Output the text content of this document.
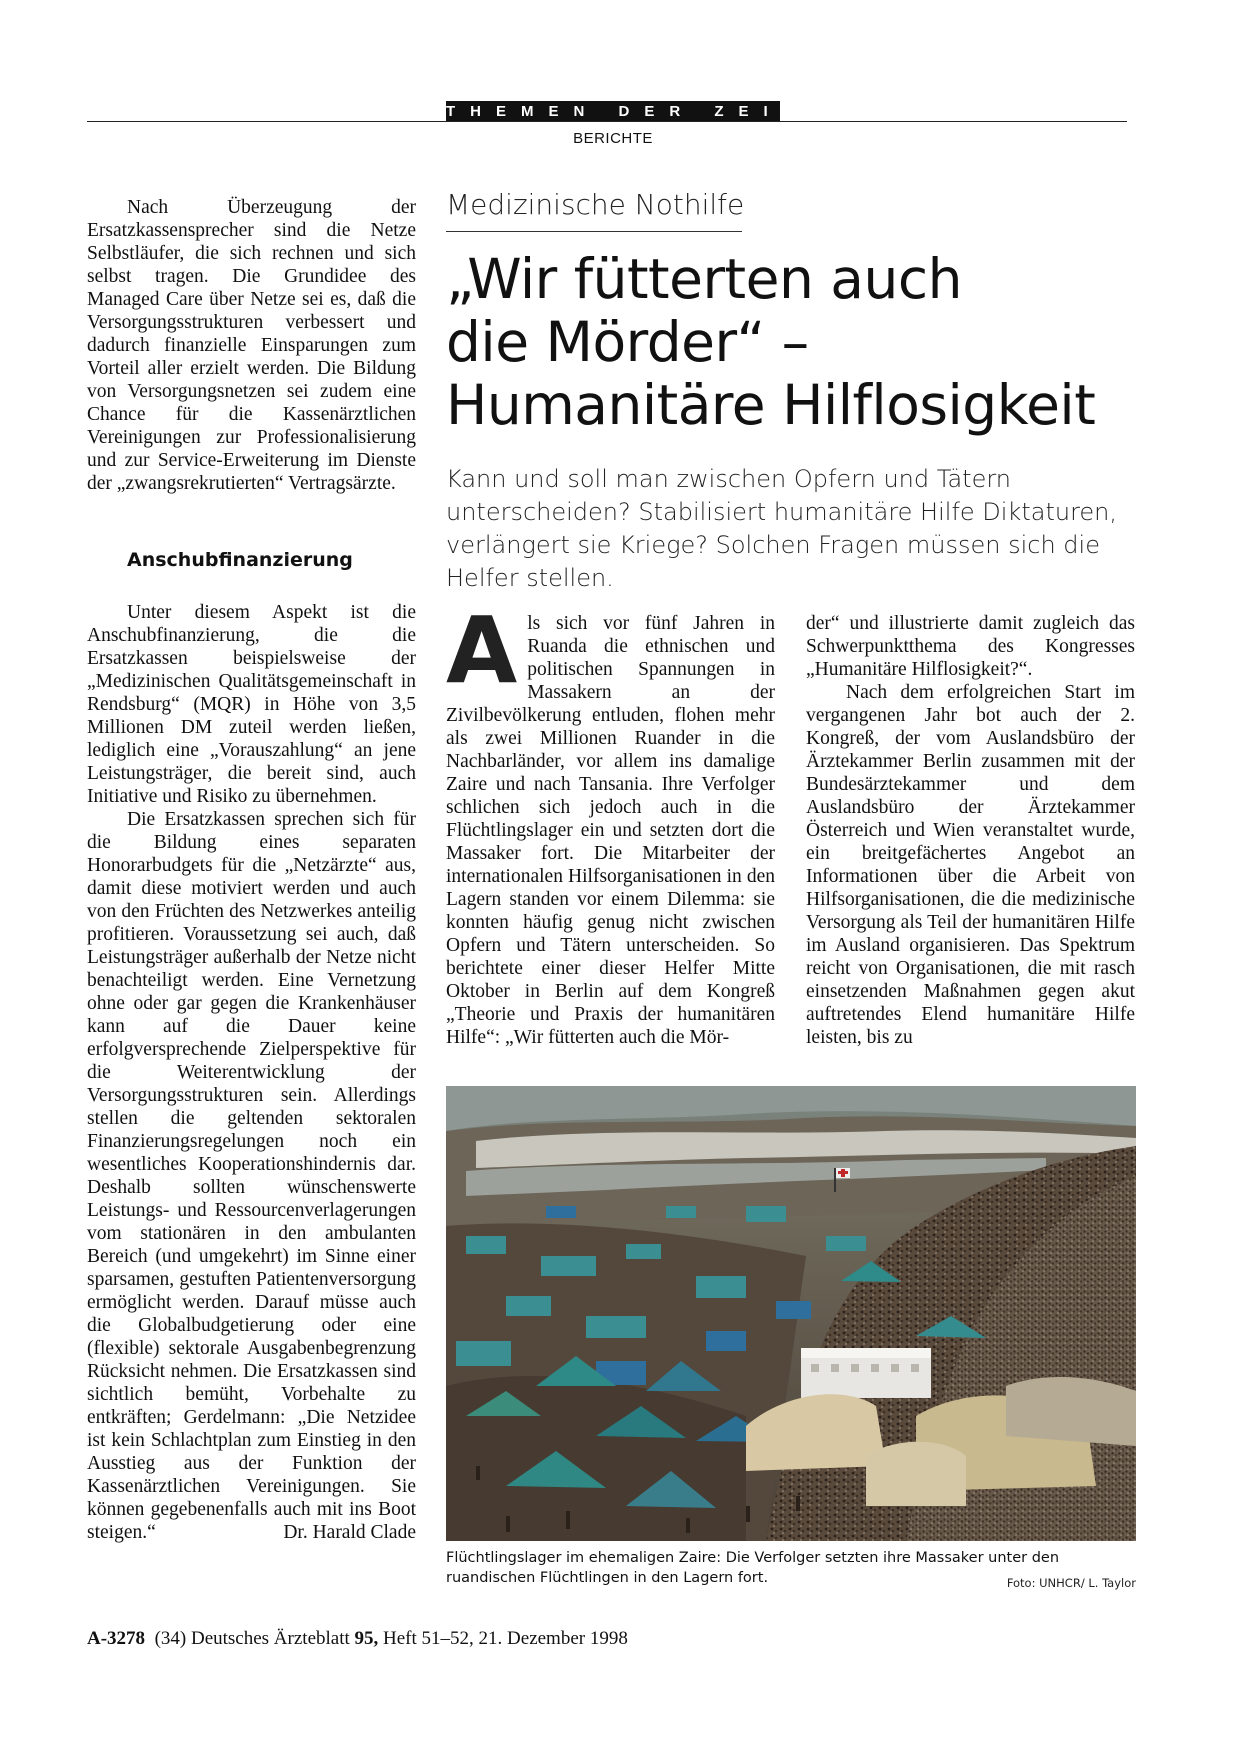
THEMEN DER ZEIT
BERICHTE

Nach Überzeugung der Ersatzkassensprecher sind die Netze Selbstläufer, die sich rechnen und sich selbst tragen. Die Grundidee des Managed Care über Netze sei es, daß die Versorgungsstrukturen verbessert und dadurch finanzielle Einsparungen zum Vorteil aller erzielt werden. Die Bildung von Versorgungsnetzen sei zudem eine Chance für die Kassenärztlichen Vereinigungen zur Professionalisierung und zur Service-Erweiterung im Dienste der „zwangsrekrutierten“ Vertragsärzte.

Anschubfinanzierung

Unter diesem Aspekt ist die Anschubfinanzierung, die die Ersatzkassen beispielsweise der „Medizinischen Qualitätsgemeinschaft in Rendsburg“ (MQR) in Höhe von 3,5 Millionen DM zuteil werden ließen, lediglich eine „Vorauszahlung“ an jene Leistungsträger, die bereit sind, auch Initiative und Risiko zu übernehmen.

Die Ersatzkassen sprechen sich für die Bildung eines separaten Honorarbudgets für die „Netzärzte“ aus, damit diese motiviert werden und auch von den Früchten des Netzwerkes anteilig profitieren. Voraussetzung sei auch, daß Leistungsträger außerhalb der Netze nicht benachteiligt werden. Eine Vernetzung ohne oder gar gegen die Krankenhäuser kann auf die Dauer keine erfolgversprechende Zielperspektive für die Weiterentwicklung der Versorgungsstrukturen sein. Allerdings stellen die geltenden sektoralen Finanzierungsregelungen noch ein wesentliches Kooperationshindernis dar. Deshalb sollten wünschenswerte Leistungs- und Ressourcenverlagerungen vom stationären in den ambulanten Bereich (und umgekehrt) im Sinne einer sparsamen, gestuften Patientenversorgung ermöglicht werden. Darauf müsse auch die Globalbudgetierung oder eine (flexible) sektorale Ausgabenbegrenzung Rücksicht nehmen. Die Ersatzkassen sind sichtlich bemüht, Vorbehalte zu entkräften; Gerdelmann: „Die Netzidee ist kein Schlachtplan zum Einstieg in den Ausstieg aus der Funktion der Kassenärztlichen Vereinigungen. Sie können gegebenenfalls auch mit ins Boot steigen.“	Dr. Harald Clade

Medizinische Nothilfe
„Wir fütterten auch
die Mörder“ –
Humanitäre Hilflosigkeit
Kann und soll man zwischen Opfern und Tätern unterscheiden? Stabilisiert humanitäre Hilfe Diktaturen, verlängert sie Kriege? Solchen Fragen müssen sich die Helfer stellen.

Als sich vor fünf Jahren in Ruanda die ethnischen und politischen Spannungen in Massakern an der Zivilbevölkerung entluden, flohen mehr als zwei Millionen Ruander in die Nachbarländer, vor allem ins damalige Zaire und nach Tansania. Ihre Verfolger schlichen sich jedoch auch in die Flüchtlingslager ein und setzten dort die Massaker fort. Die Mitarbeiter der internationalen Hilfsorganisationen in den Lagern standen vor einem Dilemma: sie konnten häufig genug nicht zwischen Opfern und Tätern unterscheiden. So berichtete einer dieser Helfer Mitte Oktober in Berlin auf dem Kongreß „Theorie und Praxis der humanitären Hilfe“: „Wir fütterten auch die Mör-

der“ und illustrierte damit zugleich das Schwerpunktthema des Kongresses „Humanitäre Hilflosigkeit?“.

Nach dem erfolgreichen Start im vergangenen Jahr bot auch der 2. Kongreß, der vom Auslandsbüro der Ärztekammer Berlin zusammen mit der Bundesärztekammer und dem Auslandsbüro der Ärztekammer Österreich und Wien veranstaltet wurde, ein breitgefächertes Angebot an Informationen über die Arbeit von Hilfsorganisationen, die die medizinische Versorgung als Teil der humanitären Hilfe im Ausland organisieren. Das Spektrum reicht von Organisationen, die mit rasch einsetzenden Maßnahmen gegen akut auftretendes Elend humanitäre Hilfe leisten, bis zu

Flüchtlingslager im ehemaligen Zaire: Die Verfolger setzten ihre Massaker unter den ruandischen Flüchtlingen in den Lagern fort.	Foto: UNHCR/ L. Taylor
A-3278 (34) Deutsches Ärzteblatt 95, Heft 51–52, 21. Dezember 1998
